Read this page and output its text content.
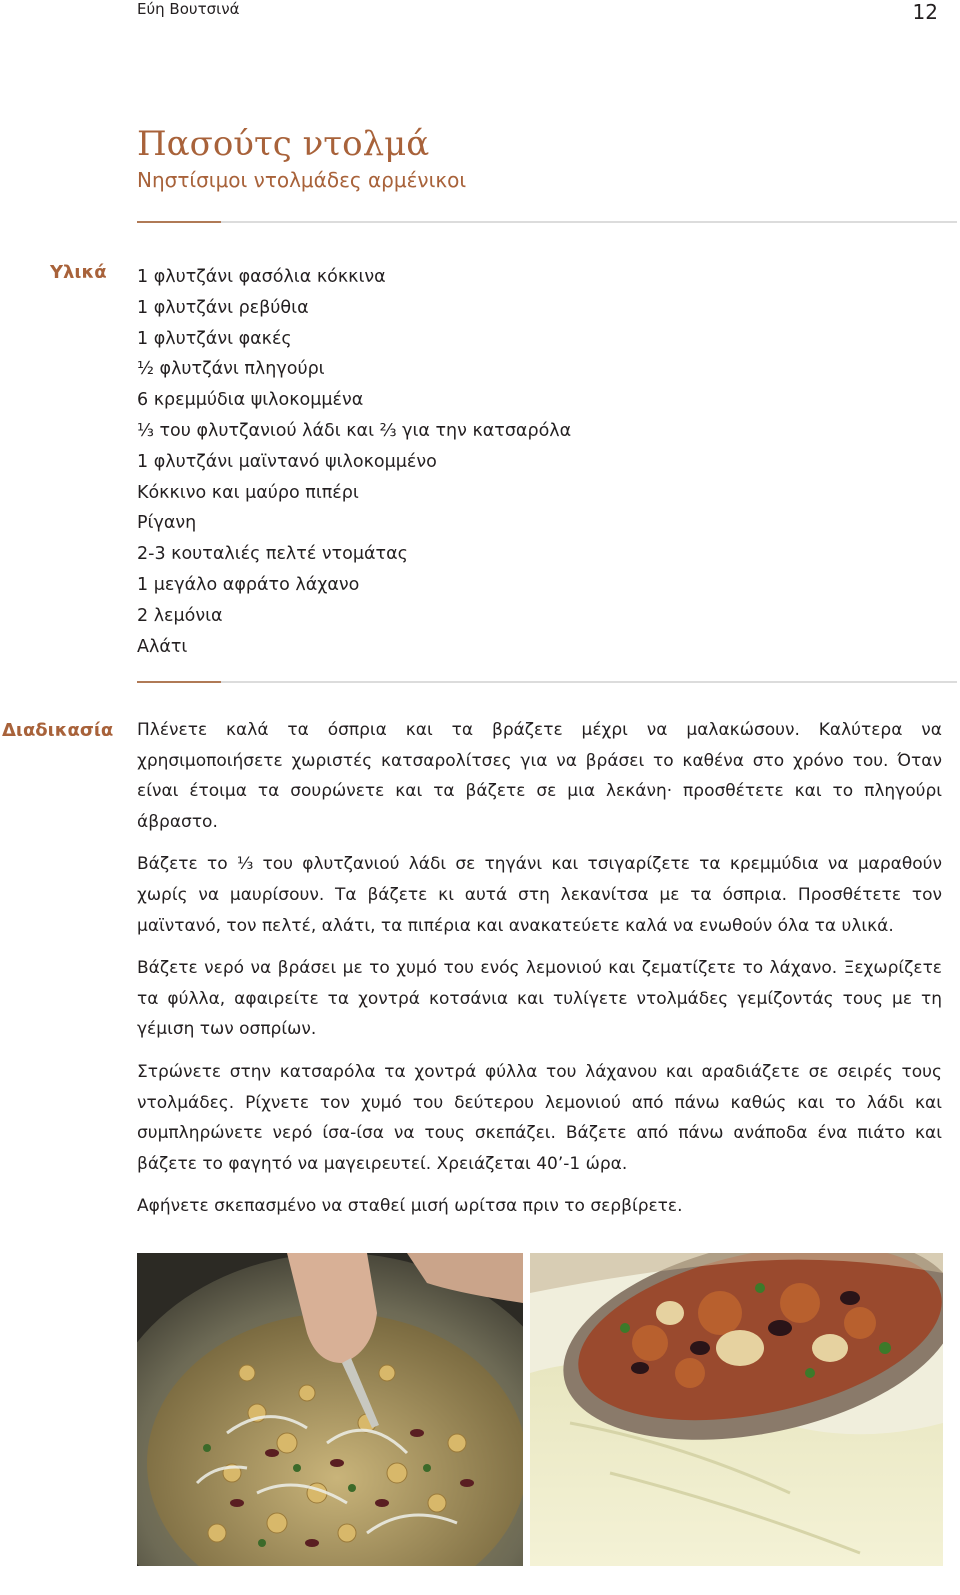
Εύη Βουτσινά	12
Πασούτς ντολμά
Νηστίσιμοι ντολμάδες αρμένικοι
Υλικά 1 φλυτζάνι φασόλια κόκκινα
1 φλυτζάνι ρεβύθια
1 φλυτζάνι φακές
½ φλυτζάνι πληγούρι
6 κρεμμύδια ψιλοκομμένα
⅓ του φλυτζανιού λάδι και ⅔ για την κατσαρόλα
1 φλυτζάνι μαϊντανό ψιλοκομμένο
Κόκκινο και μαύρο πιπέρι
Ρίγανη
2-3 κουταλιές πελτέ ντομάτας
1 μεγάλο αφράτο λάχανο
2 λεμόνια
Αλάτι
Διαδικασία Πλένετε καλά τα όσπρια και τα βράζετε μέχρι να μαλακώσουν. Καλύτερα να χρησιμοποιήσετε χωριστές κατσαρολίτσες για να βράσει το καθένα στο χρόνο του. Όταν είναι έτοιμα τα σουρώνετε και τα βάζετε σε μια λεκάνη· προσθέτετε και το πληγούρι άβραστο.

Βάζετε το ⅓ του φλυτζανιού λάδι σε τηγάνι και τσιγαρίζετε τα κρεμμύδια να μαραθούν χωρίς να μαυρίσουν. Τα βάζετε κι αυτά στη λεκανίτσα με τα όσπρια. Προσθέτετε τον μαϊντανό, τον πελτέ, αλάτι, τα πιπέρια και ανακατεύετε καλά να ενωθούν όλα τα υλικά.

Βάζετε νερό να βράσει με το χυμό του ενός λεμονιού και ζεματίζετε το λάχανο. Ξεχωρίζετε τα φύλλα, αφαιρείτε τα χοντρά κοτσάνια και τυλίγετε ντολμάδες γεμίζοντάς τους με τη γέμιση των οσπρίων.

Στρώνετε στην κατσαρόλα τα χοντρά φύλλα του λάχανου και αραδιάζετε σε σειρές τους ντολμάδες. Ρίχνετε τον χυμό του δεύτερου λεμονιού από πάνω καθώς και το λάδι και συμπληρώνετε νερό ίσα-ίσα να τους σκεπάζει. Βάζετε από πάνω ανάποδα ένα πιάτο και βάζετε το φαγητό να μαγειρευτεί. Χρειάζεται 40’-1 ώρα.

Αφήνετε σκεπασμένο να σταθεί μισή ωρίτσα πριν το σερβίρετε.
